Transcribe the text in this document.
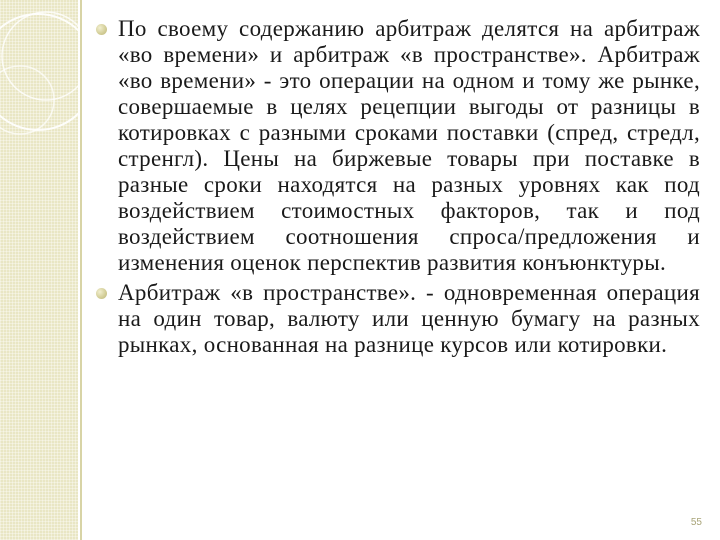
По своему содержанию арбитраж делятся на арбитраж «во времени» и арбитраж «в пространстве». Арбитраж «во времени» - это операции на одном и тому же рынке, совершаемые в целях рецепции выгоды от разницы в котировках с разными сроками поставки (спред, стредл, стренгл). Цены на биржевые товары при поставке в разные сроки находятся на разных уровнях как под воздействием стоимостных факторов, так и под воздействием соотношения спроса/предложения и изменения оценок перспектив развития конъюнктуры.
Арбитраж «в пространстве». - одновременная операция на один товар, валюту или ценную бумагу на разных рынках, основанная на разнице курсов или котировки.
55
